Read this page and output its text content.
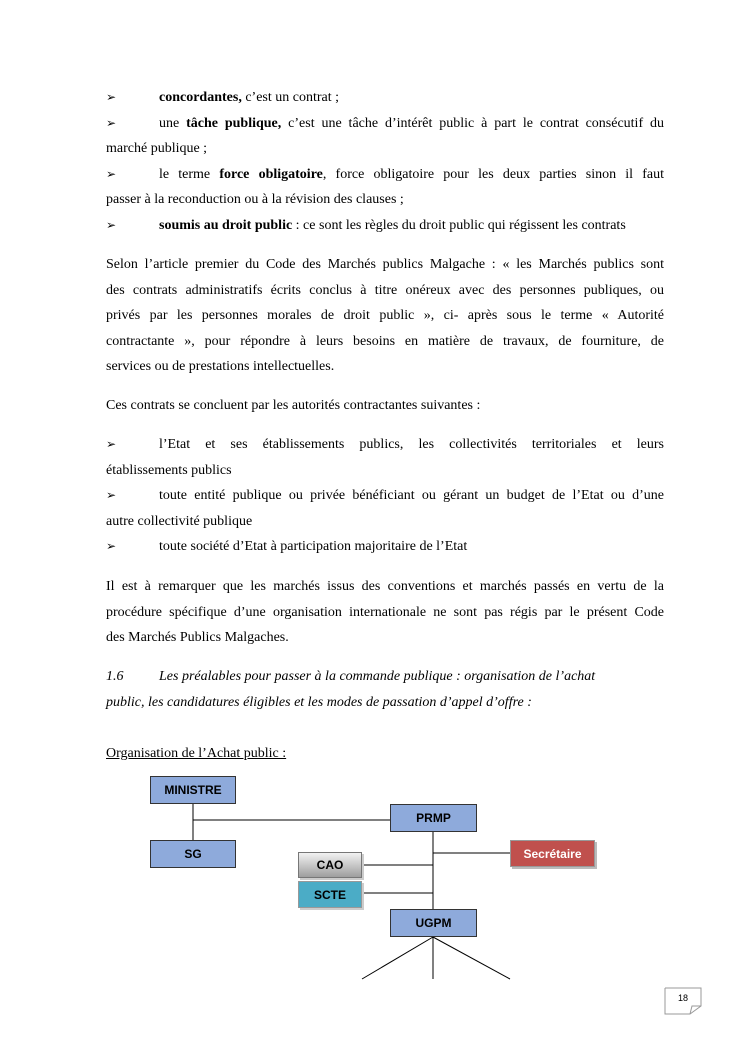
➢	concordantes, c’est un contrat ;
➢	une tâche publique, c’est une tâche d’intérêt public à part le contrat consécutif du
marché publique ;
➢	le terme force obligatoire, force obligatoire pour les deux parties sinon il faut
passer à la reconduction ou à la révision des clauses ;
➢	soumis au droit public : ce sont les règles du droit public qui régissent les contrats
Selon l’article premier du Code des Marchés publics Malgache : « les Marchés publics sont
des contrats administratifs écrits conclus à titre onéreux avec des personnes publiques, ou
privés par les personnes morales de droit public », ci- après sous le terme « Autorité
contractante », pour répondre à leurs besoins en matière de travaux, de fourniture, de
services ou de prestations intellectuelles.
Ces contrats se concluent par les autorités contractantes suivantes :
➢	l’Etat et ses établissements publics, les collectivités territoriales et leurs
établissements publics
➢	toute entité publique ou privée bénéficiant ou gérant un budget de l’Etat ou d’une
autre collectivité publique
➢	toute société d’Etat à participation majoritaire de l’Etat
Il est à remarquer que les marchés issus des conventions et marchés passés en vertu de la
procédure spécifique d’une organisation internationale ne sont pas régis par le présent Code
des Marchés Publics Malgaches.
1.6	Les préalables pour passer à la commande publique : organisation de l’achat
public, les candidatures éligibles et les modes de passation d’appel d’offre :
Organisation de l’Achat public :
MINISTRE
SG
PRMP
Secrétaire
CAO
SCTE
UGPM
18
